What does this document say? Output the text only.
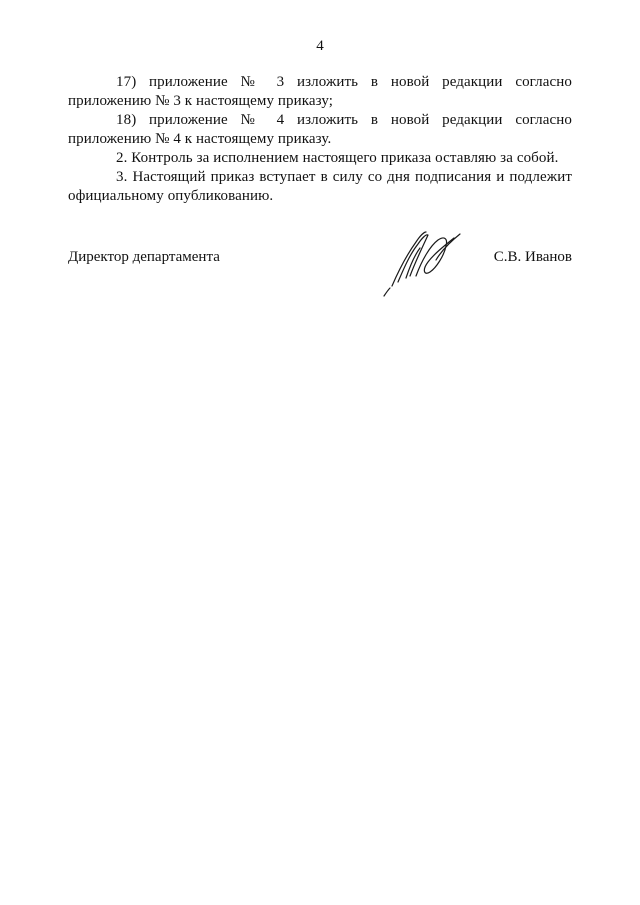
4

17) приложение № 3 изложить в новой редакции согласно приложению № 3 к настоящему приказу;

18) приложение № 4 изложить в новой редакции согласно приложению № 4 к настоящему приказу.

2. Контроль за исполнением настоящего приказа оставляю за собой.

3. Настоящий приказ вступает в силу со дня подписания и подлежит официальному опубликованию.

Директор департамента	С.В. Иванов
